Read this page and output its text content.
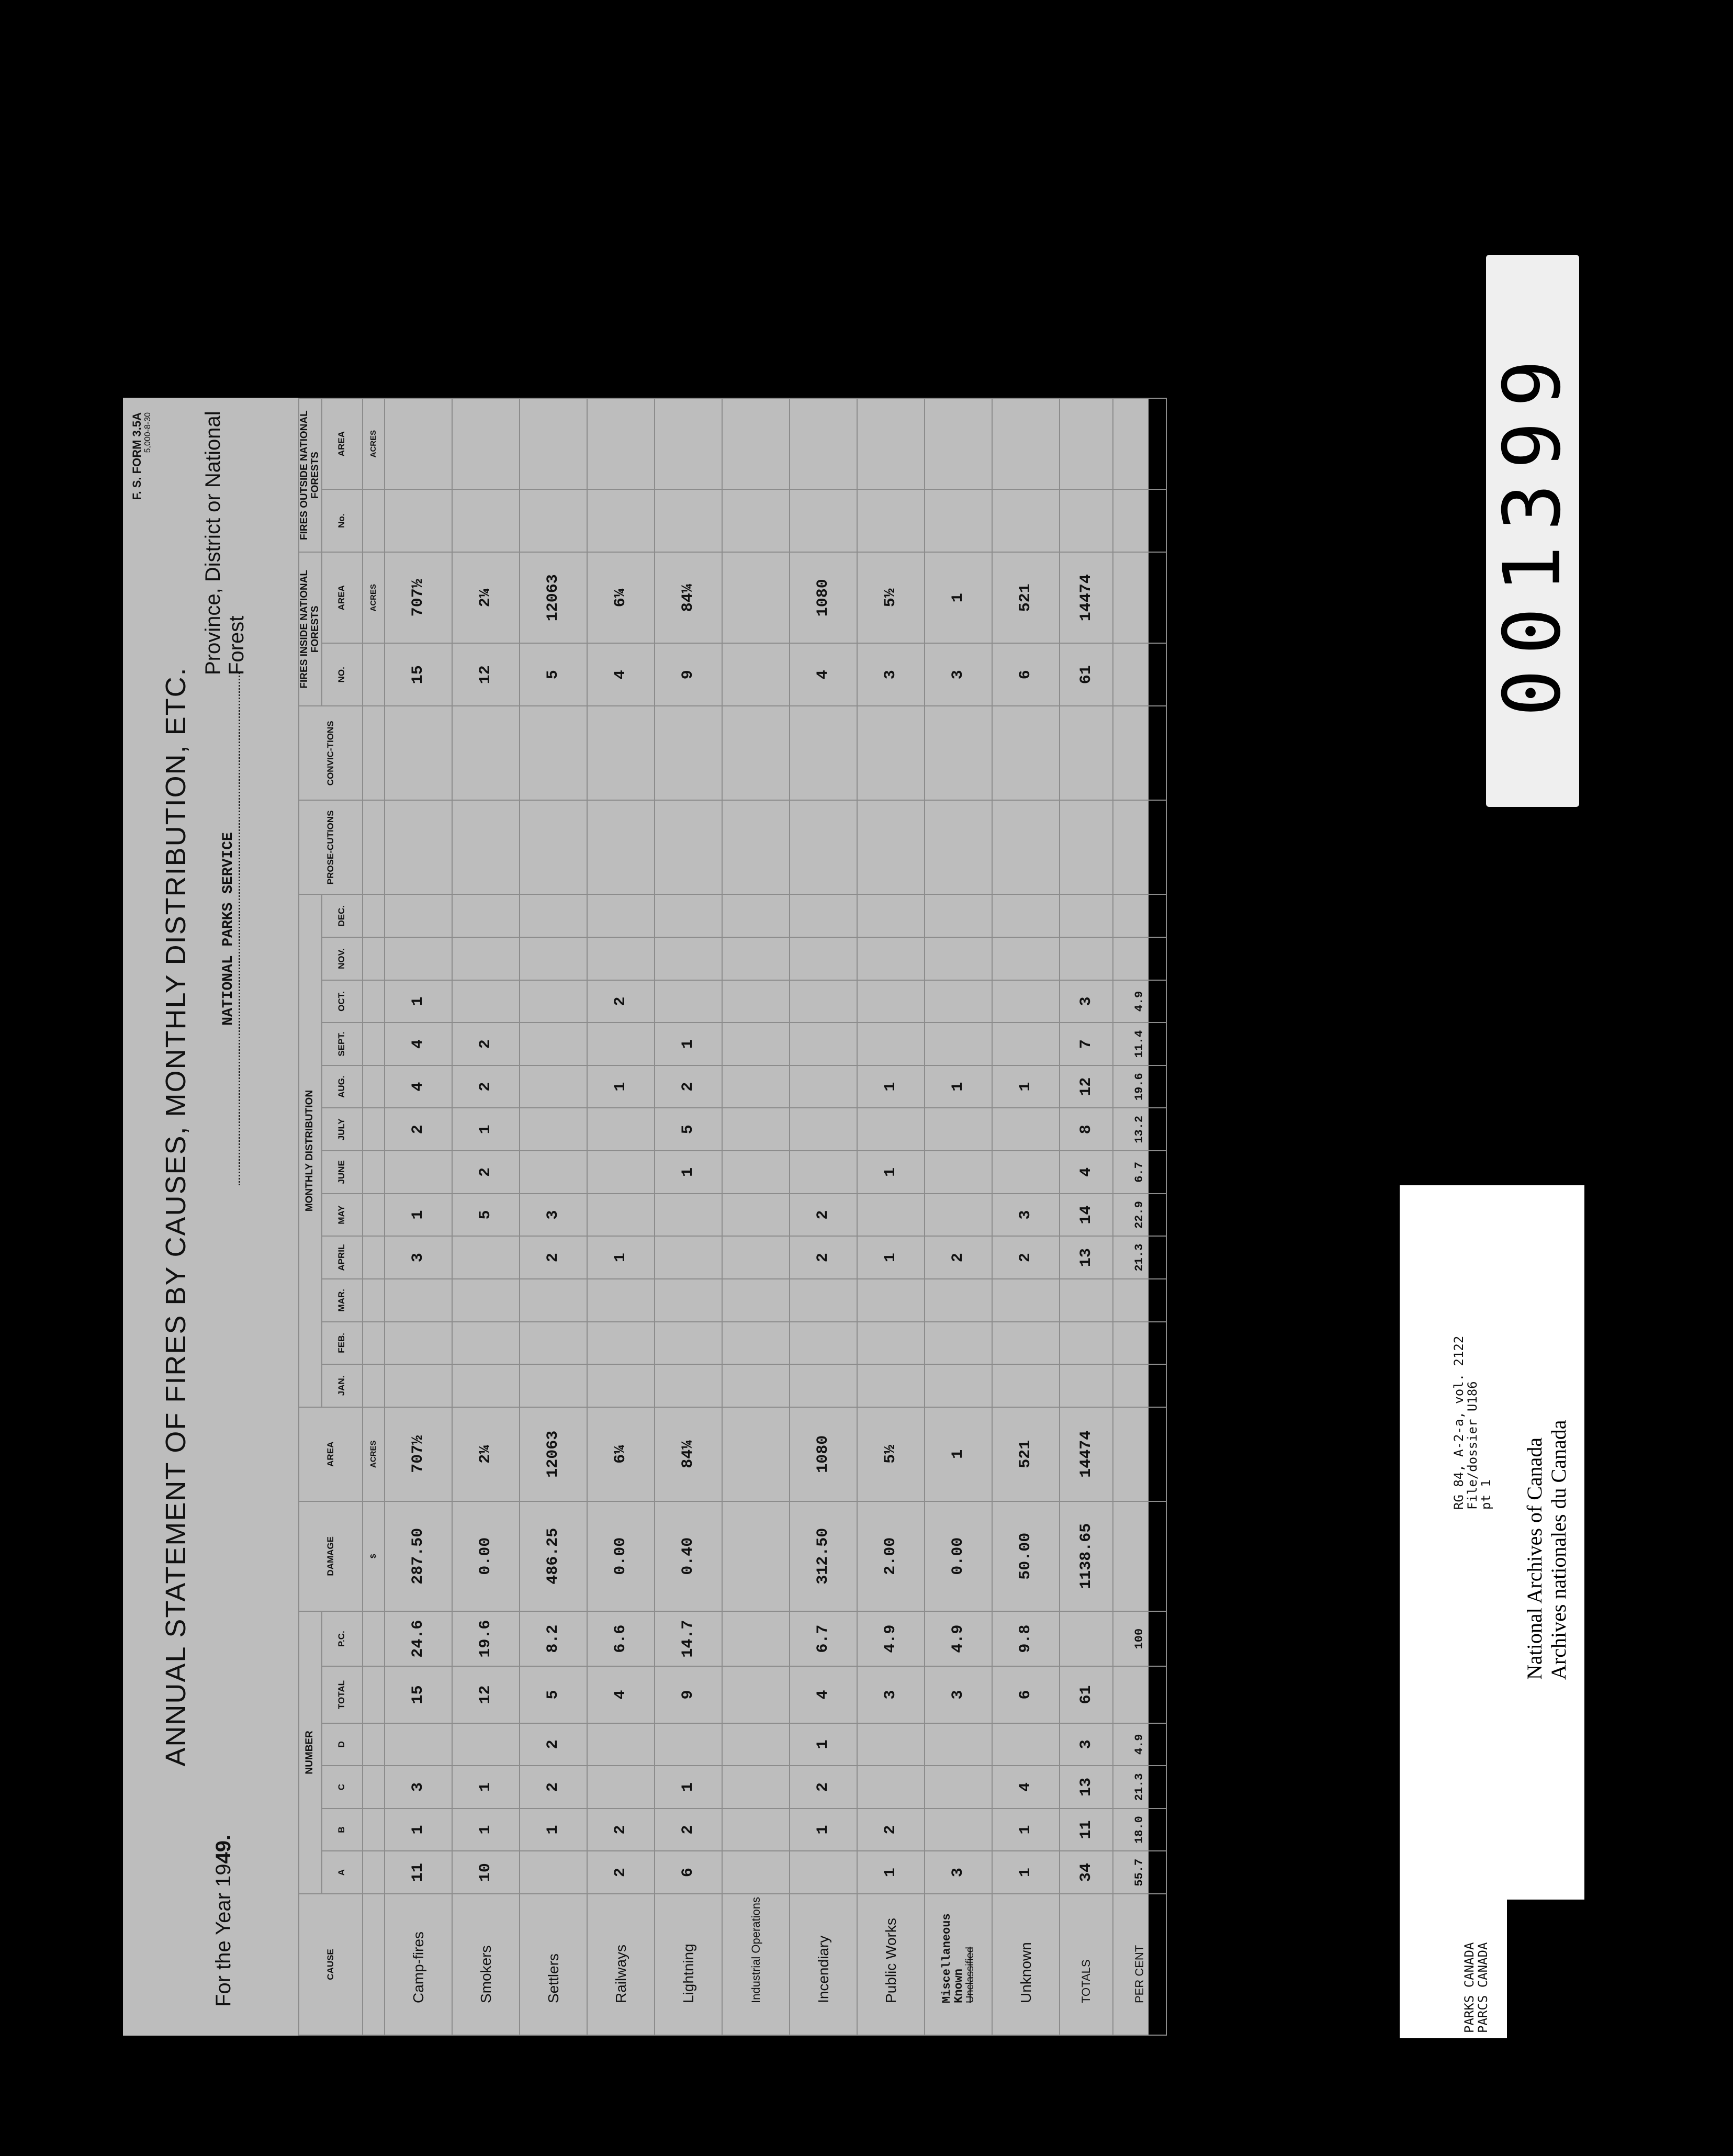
F. S. FORM 3.5A 5,000-8-30
ANNUAL STATEMENT OF FIRES BY CAUSES, MONTHLY DISTRIBUTION, ETC.
For the Year 1949.
NATIONAL PARKS SERVICE
Province, District or National Forest
CAUSE	NUMBER						DAMAGE	AREA	MONTHLY DISTRIBUTION												PROSE-CUTIONS	CONVIC-TIONS	FIRES INSIDE NATIONAL FORESTS		FIRES OUTSIDE NATIONAL FORESTS	
	A	B	C	D	TOTAL	P.C.			JAN.	FEB.	MAR.	APRIL	MAY	JUNE	JULY	AUG.	SEPT.	OCT.	NOV.	DEC.			NO.	AREA	No.	AREA
							$	ACRES																ACRES		ACRES
Camp-fires	11	1	3		15	24.6	287.50	707½				3	1		2	4	4	1					15	707½		
Smokers	10	1	1		12	19.6	0.00	2¼					5	2	1	2	2						12	2¼		
Settlers		1	2	2	5	8.2	486.25	12063				2	3										5	12063		
Railways	2	2			4	6.6	0.00	6¼				1				1		2					4	6¼		
Lightning	6	2	1		9	14.7	0.40	84¼						1	5	2	1						9	84¼		
Industrial Operations																										
Incendiary		1	2	1	4	6.7	312.50	1080				2	2										4	1080		
Public Works	1	2			3	4.9	2.00	5½				1		1		1							3	5½		

Miscellaneous
Known
Unclassified	3				3	4.9	0.00	1				2				1							3	1		
Unknown	1	1	4		6	9.8	50.00	521				2	3			1							6	521		
TOTALS	34	11	13	3	61		1138.65	14474				13	14	4	8	12	7	3					61	14474		
PER CENT	55.7	18.0	21.3	4.9		100						21.3	22.9	6.7	13.2	19.6	11.4	4.9								
001399
PARKS CANADA
PARCS CANADA
RG 84, A-2-a, vol. 2122
File/dossier U186
pt 1 National Archives of Canada Archives nationales du Canada
